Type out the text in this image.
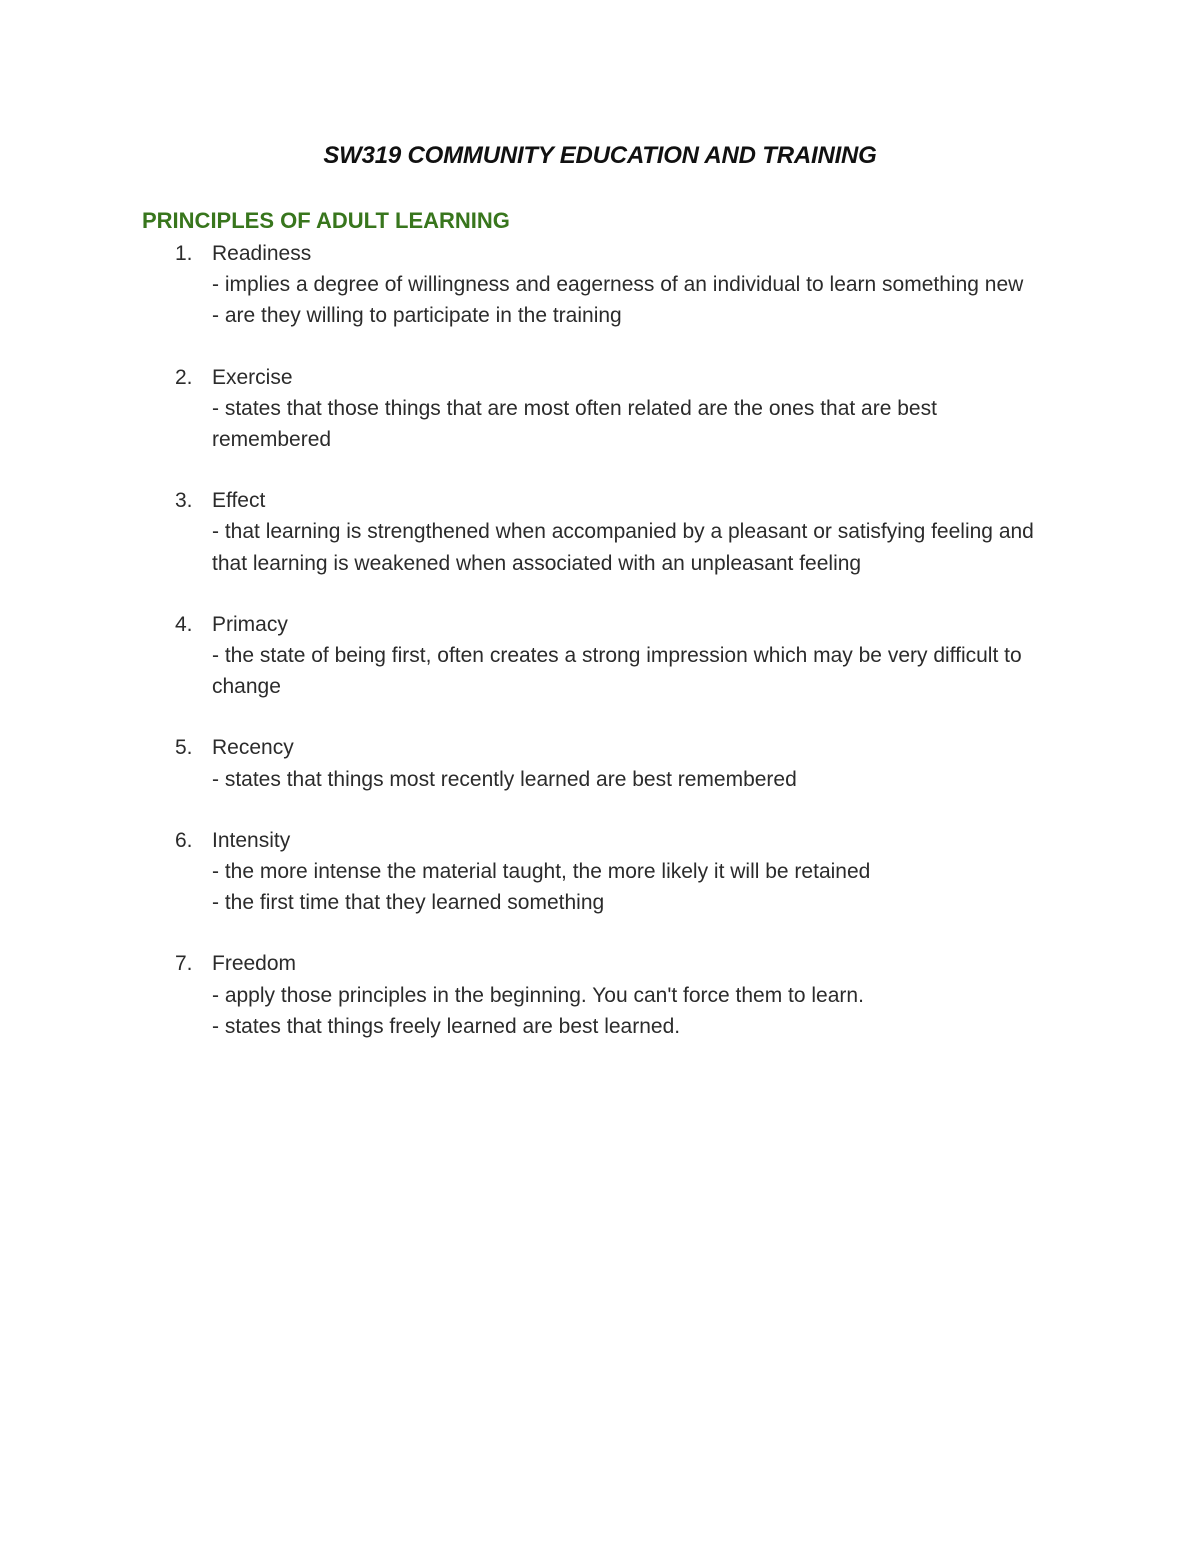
SW319 COMMUNITY EDUCATION AND TRAINING
PRINCIPLES OF ADULT LEARNING
1. Readiness
- implies a degree of willingness and eagerness of an individual to learn something new
- are they willing to participate in the training
2. Exercise
- states that those things that are most often related are the ones that are best remembered
3. Effect
- that learning is strengthened when accompanied by a pleasant or satisfying feeling and that learning is weakened when associated with an unpleasant feeling
4. Primacy
- the state of being first, often creates a strong impression which may be very difficult to change
5. Recency
- states that things most recently learned are best remembered
6. Intensity
- the more intense the material taught, the more likely it will be retained
- the first time that they learned something
7. Freedom
- apply those principles in the beginning. You can't force them to learn.
- states that things freely learned are best learned.
